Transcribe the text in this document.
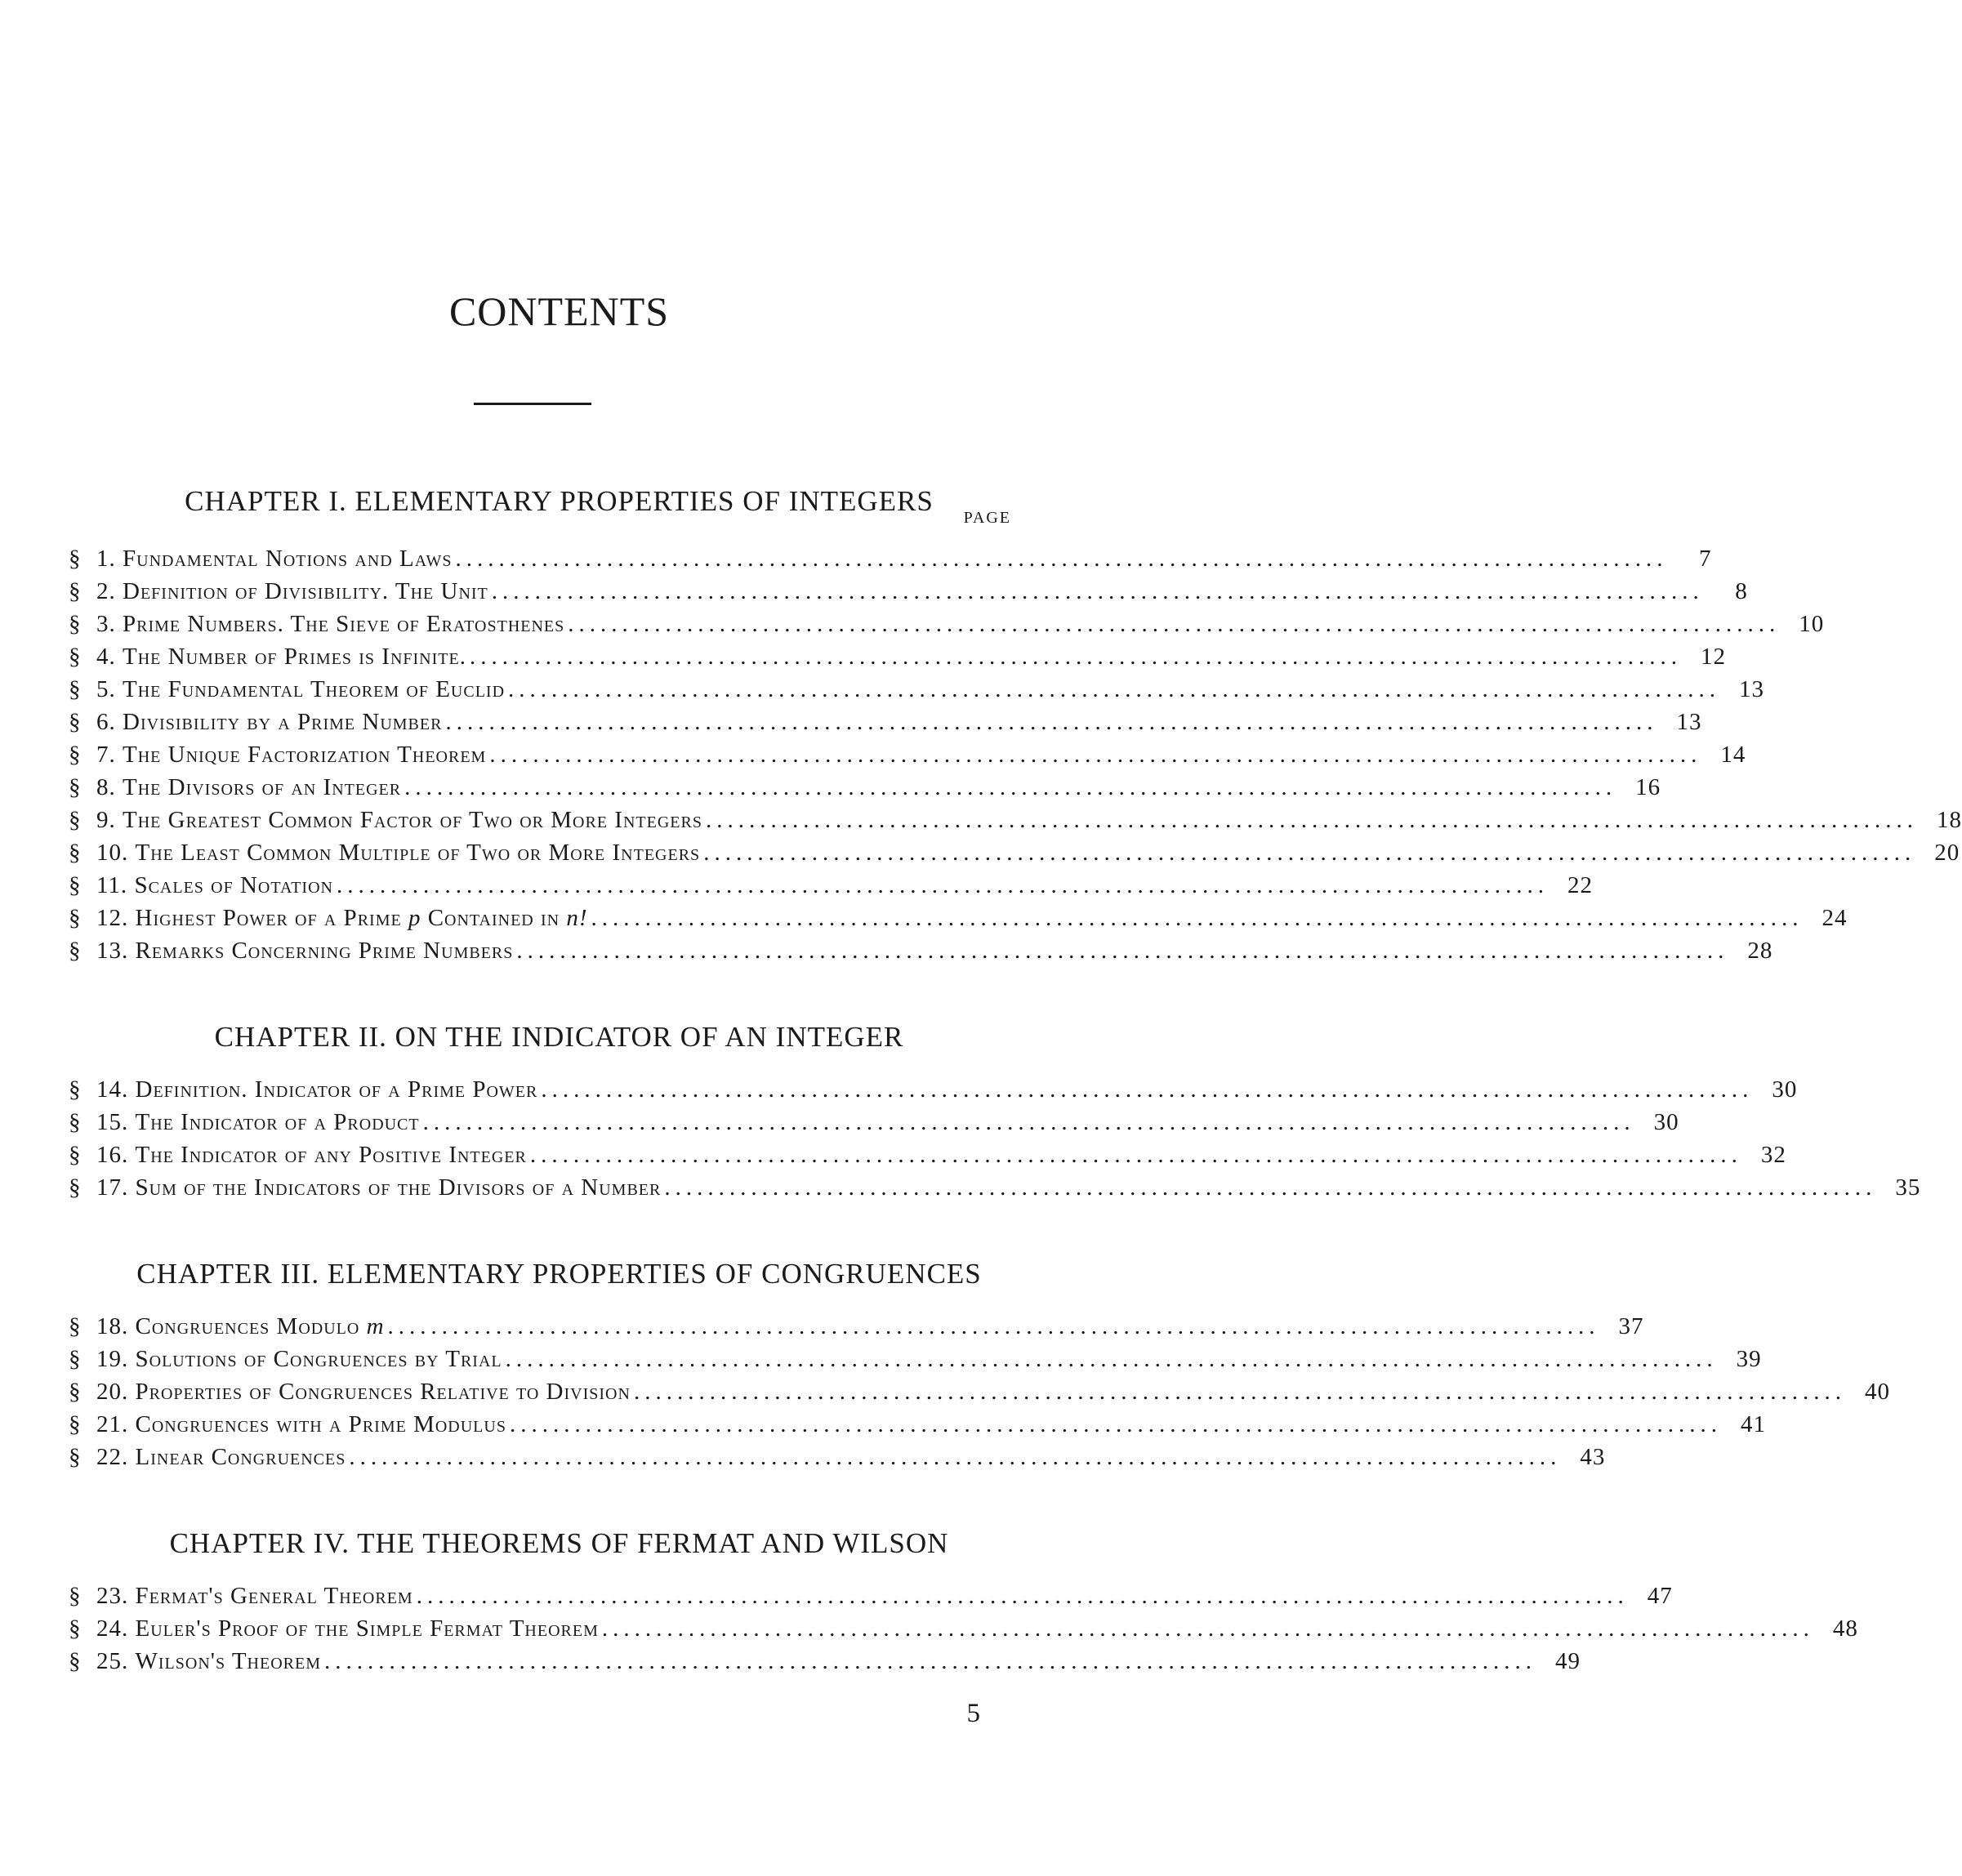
CONTENTS
CHAPTER I. ELEMENTARY PROPERTIES OF INTEGERS
PAGE
§ 1. Fundamental Notions and Laws ................................................................................................................	7
§ 2. Definition of Divisibility. The Unit ................................................................................................................	8
§ 3. Prime Numbers. The Sieve of Eratosthenes ................................................................................................................ 10
§ 4. The Number of Primes is Infinite. ................................................................................................................ 12
§ 5. The Fundamental Theorem of Euclid ................................................................................................................ 13
§ 6. Divisibility by a Prime Number ................................................................................................................ 13
§ 7. The Unique Factorization Theorem ................................................................................................................ 14
§ 8. The Divisors of an Integer ................................................................................................................ 16
§ 9. The Greatest Common Factor of Two or More Integers ................................................................................................................ 18
§ 10. The Least Common Multiple of Two or More Integers ................................................................................................................ 20
§ 11. Scales of Notation ................................................................................................................ 22
§ 12. Highest Power of a Prime p Contained in n! ................................................................................................................ 24
§ 13. Remarks Concerning Prime Numbers ................................................................................................................ 28
CHAPTER II. ON THE INDICATOR OF AN INTEGER
§ 14. Definition. Indicator of a Prime Power ................................................................................................................ 30
§ 15. The Indicator of a Product ................................................................................................................ 30
§ 16. The Indicator of any Positive Integer ................................................................................................................ 32
§ 17. Sum of the Indicators of the Divisors of a Number ................................................................................................................ 35
CHAPTER III. ELEMENTARY PROPERTIES OF CONGRUENCES
§ 18. Congruences Modulo m ................................................................................................................ 37
§ 19. Solutions of Congruences by Trial ................................................................................................................ 39
§ 20. Properties of Congruences Relative to Division ................................................................................................................ 40
§ 21. Congruences with a Prime Modulus ................................................................................................................ 41
§ 22. Linear Congruences ................................................................................................................ 43
CHAPTER IV. THE THEOREMS OF FERMAT AND WILSON
§ 23. Fermat's General Theorem ................................................................................................................ 47
§ 24. Euler's Proof of the Simple Fermat Theorem ................................................................................................................ 48
§ 25. Wilson's Theorem ................................................................................................................ 49
5
